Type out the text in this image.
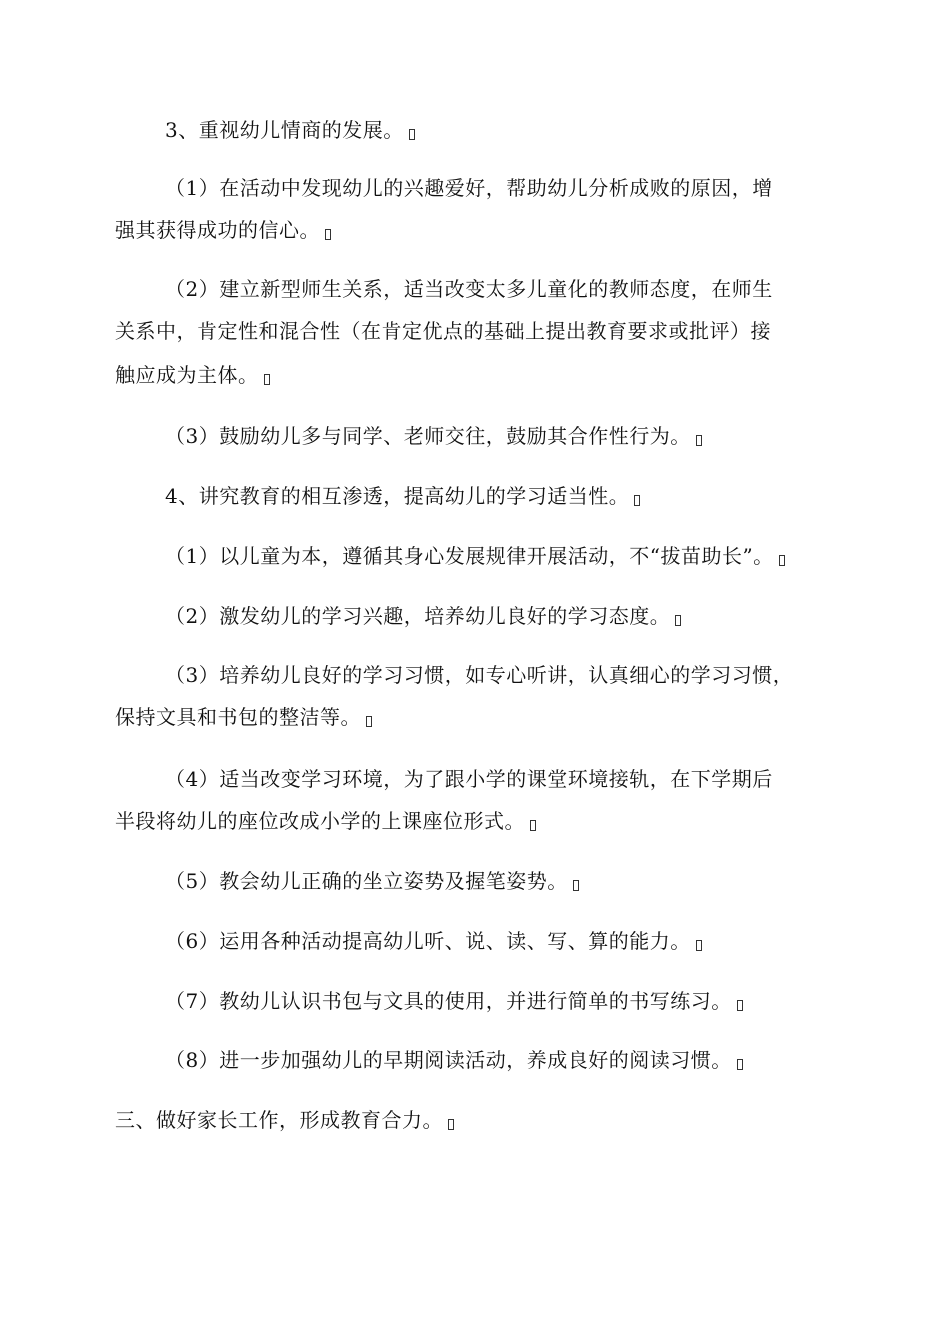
3、重视幼儿情商的发展。
（1）在活动中发现幼儿的兴趣爱好，帮助幼儿分析成败的原因，增
强其获得成功的信心。
（2）建立新型师生关系，适当改变太多儿童化的教师态度，在师生
关系中，肯定性和混合性（在肯定优点的基础上提出教育要求或批评）接
触应成为主体。
（3）鼓励幼儿多与同学、老师交往，鼓励其合作性行为。
4、讲究教育的相互渗透，提高幼儿的学习适当性。
（1）以儿童为本，遵循其身心发展规律开展活动，不“拔苗助长”。
（2）激发幼儿的学习兴趣，培养幼儿良好的学习态度。
（3）培养幼儿良好的学习习惯，如专心听讲，认真细心的学习习惯，
保持文具和书包的整洁等。
（4）适当改变学习环境，为了跟小学的课堂环境接轨，在下学期后
半段将幼儿的座位改成小学的上课座位形式。
（5）教会幼儿正确的坐立姿势及握笔姿势。
（6）运用各种活动提高幼儿听、说、读、写、算的能力。
（7）教幼儿认识书包与文具的使用，并进行简单的书写练习。
（8）进一步加强幼儿的早期阅读活动，养成良好的阅读习惯。
三、做好家长工作，形成教育合力。
